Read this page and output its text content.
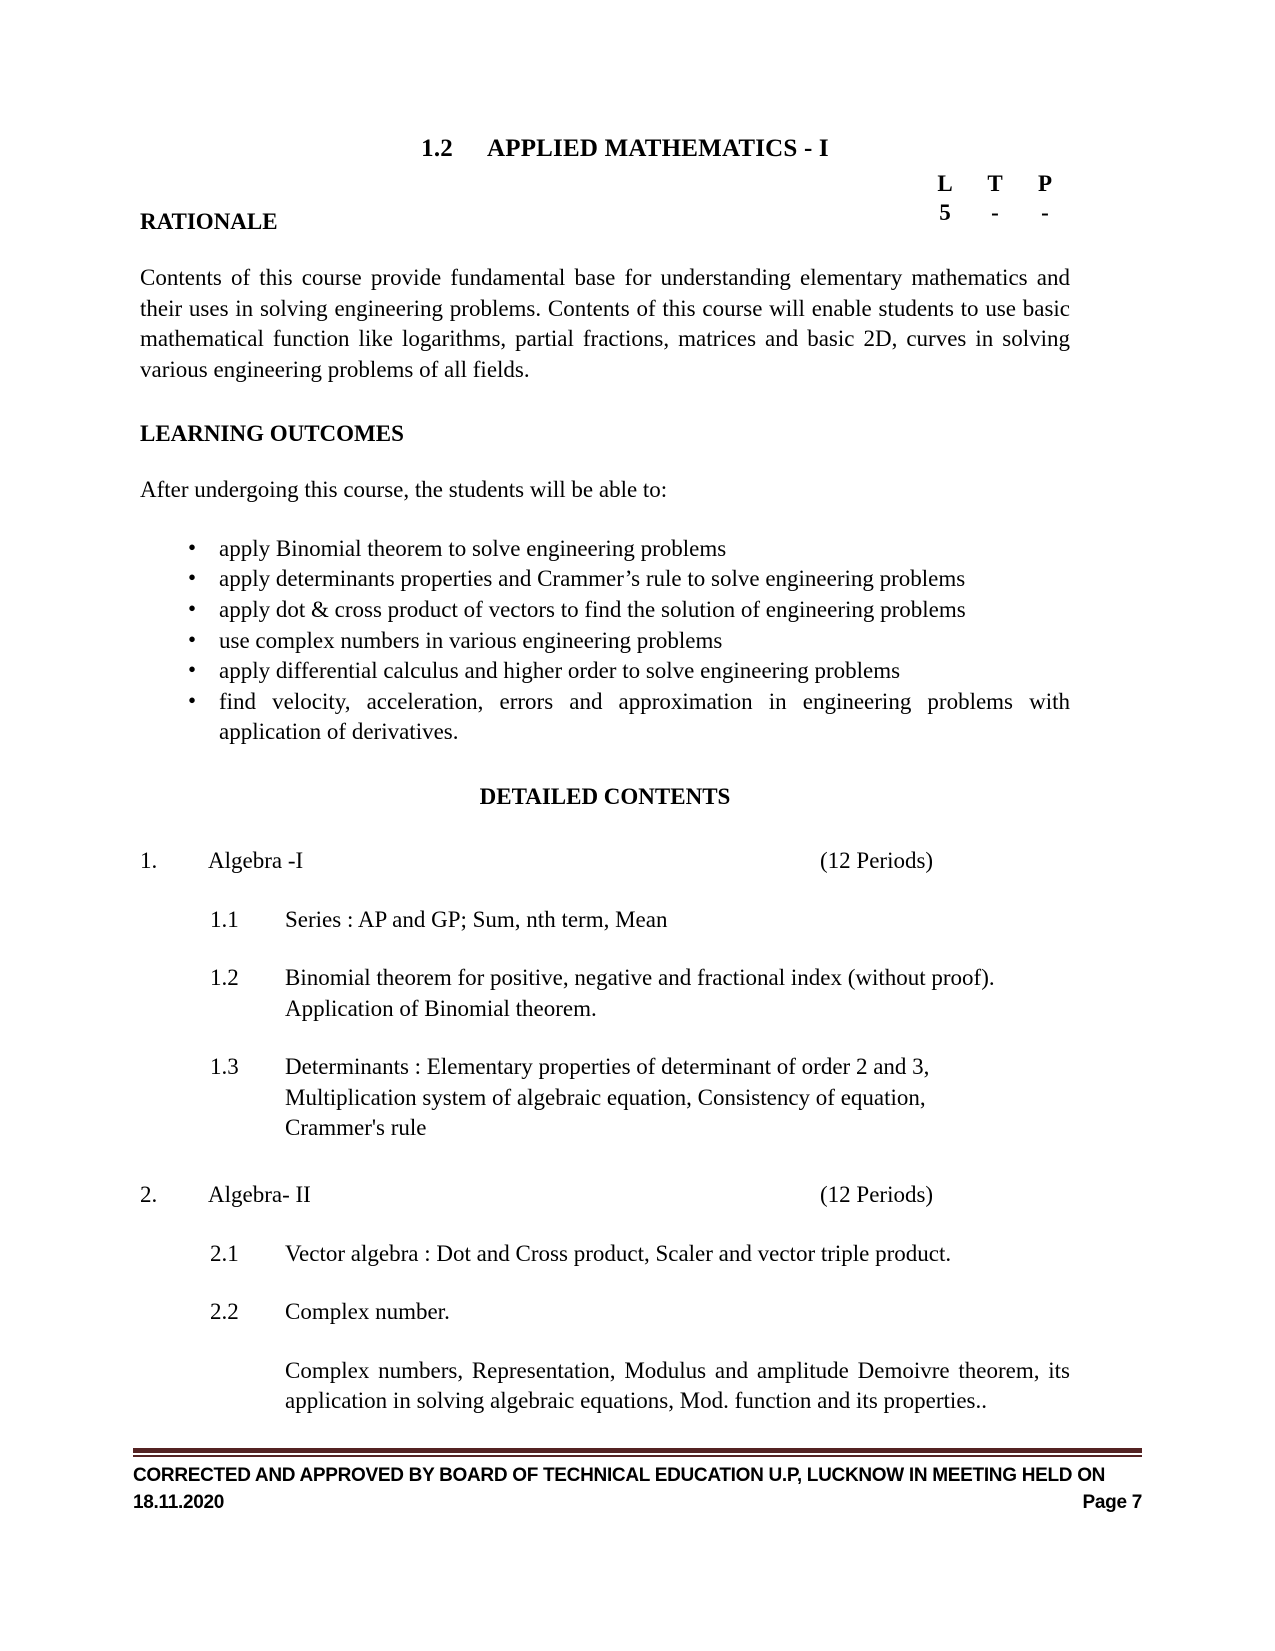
1.2 APPLIED MATHEMATICS - I
L	T	P
5	-	-
RATIONALE

Contents of this course provide fundamental base for understanding elementary mathematics and their uses in solving engineering problems. Contents of this course will enable students to use basic mathematical function like logarithms, partial fractions, matrices and basic 2D, curves in solving various engineering problems of all fields.

LEARNING OUTCOMES

After undergoing this course, the students will be able to:

• apply Binomial theorem to solve engineering problems
• apply determinants properties and Crammer’s rule to solve engineering problems
• apply dot & cross product of vectors to find the solution of engineering problems
• use complex numbers in various engineering problems
• apply differential calculus and higher order to solve engineering problems
• find velocity, acceleration, errors and approximation in engineering problems with application of derivatives.
DETAILED CONTENTS
1.	Algebra -I	(12 Periods)
1.1	Series : AP and GP; Sum, nth term, Mean
1.2	Binomial theorem for positive, negative and fractional index (without proof).
Application of Binomial theorem.
1.3	Determinants : Elementary properties of determinant of order 2 and 3,
Multiplication system of algebraic equation, Consistency of equation,
Crammer's rule
2.	Algebra- II	(12 Periods)
2.1	Vector algebra : Dot and Cross product, Scaler and vector triple product.
2.2	Complex number.
Complex numbers, Representation, Modulus and amplitude Demoivre theorem, its application in solving algebraic equations, Mod. function and its properties..
CORRECTED AND APPROVED BY BOARD OF TECHNICAL EDUCATION U.P, LUCKNOW IN MEETING HELD ON
18.11.2020	Page 7
